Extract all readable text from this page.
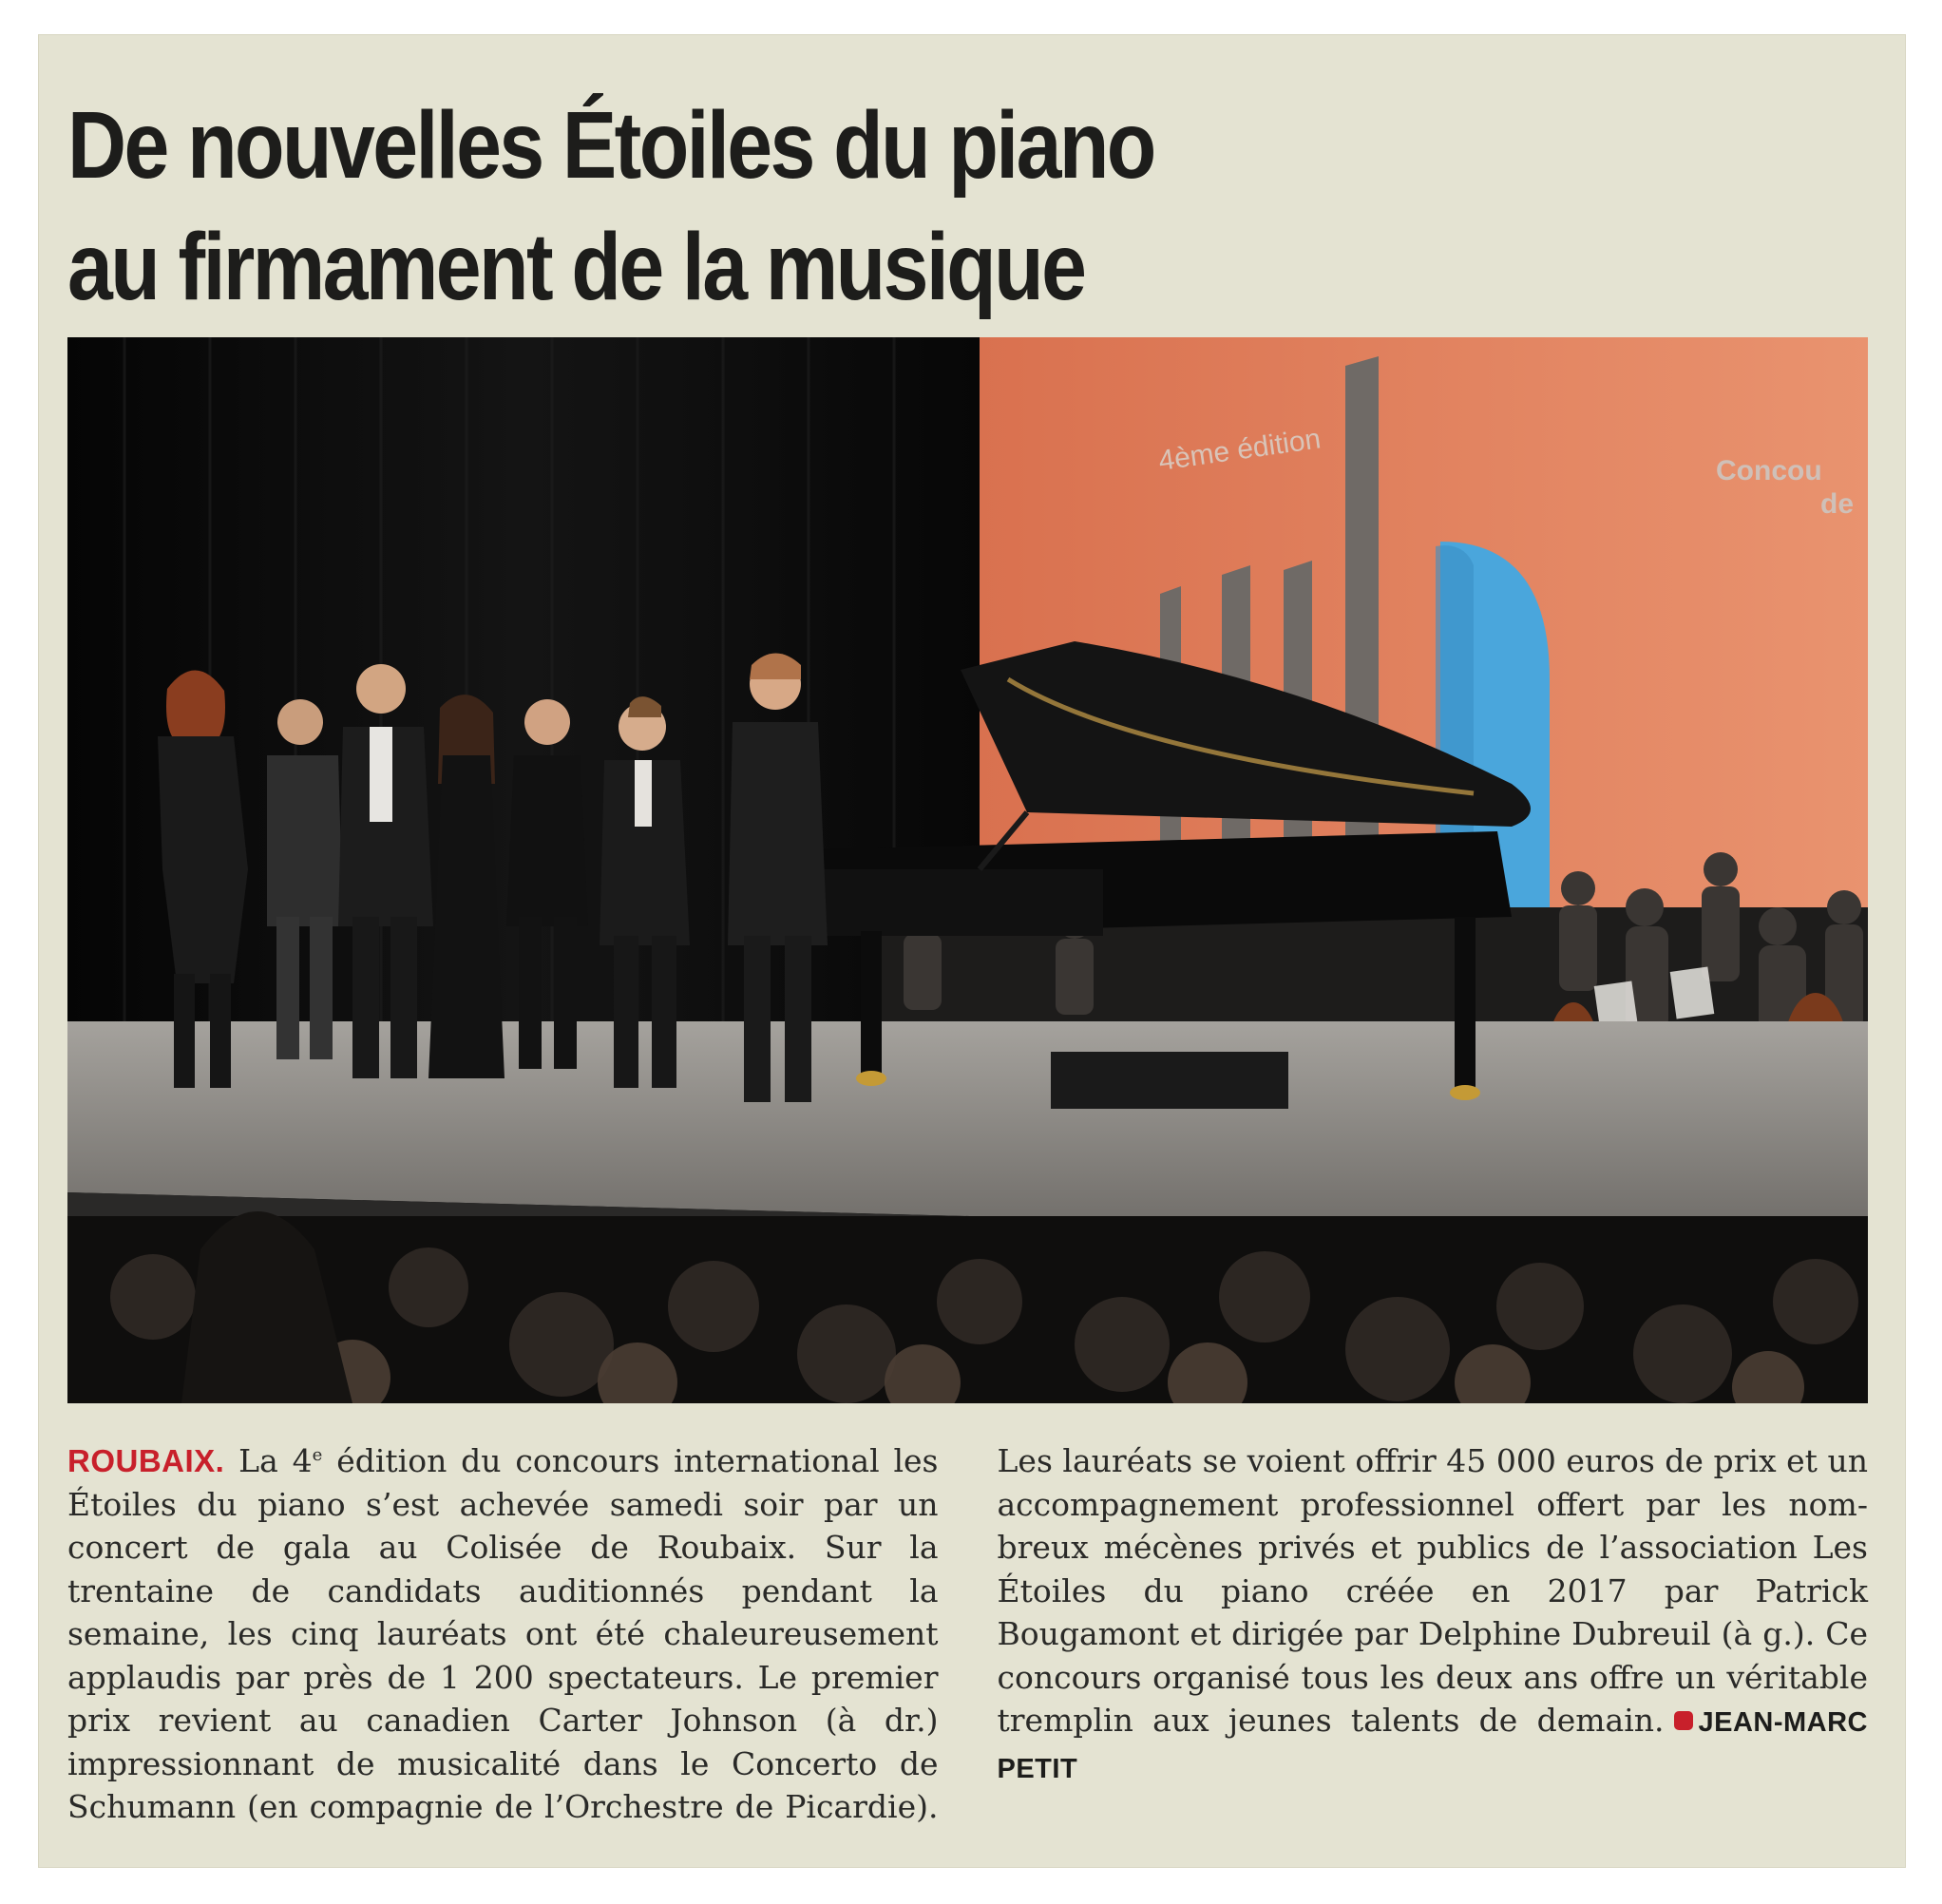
De nouvelles Étoiles du piano
au firmament de la musique
4ème édition	Concou
de

ROUBAIX. La 4e édition du concours international les Étoiles du piano s’est achevée samedi soir par un concert de gala au Colisée de Roubaix. Sur la trentaine de candidats auditionnés pendant la semaine, les cinq lauréats ont été chaleureusement applaudis par près de 1 200 spectateurs. Le premier prix revient au canadien Carter Johnson (à dr.) impressionnant de musicalité dans le Concerto de Schumann (en compagnie de l’Orchestre de Picardie). Les lauréats se voient offrir 45 000 euros de prix et un accompagnement professionnel offert par les nombreux mécènes privés et publics de l’association Les Étoiles du piano créée en 2017 par Patrick Bougamont et dirigée par Delphine Dubreuil (à g.). Ce concours organisé tous les deux ans offre un véritable tremplin aux jeunes talents de demain. JEAN-MARC PETIT
